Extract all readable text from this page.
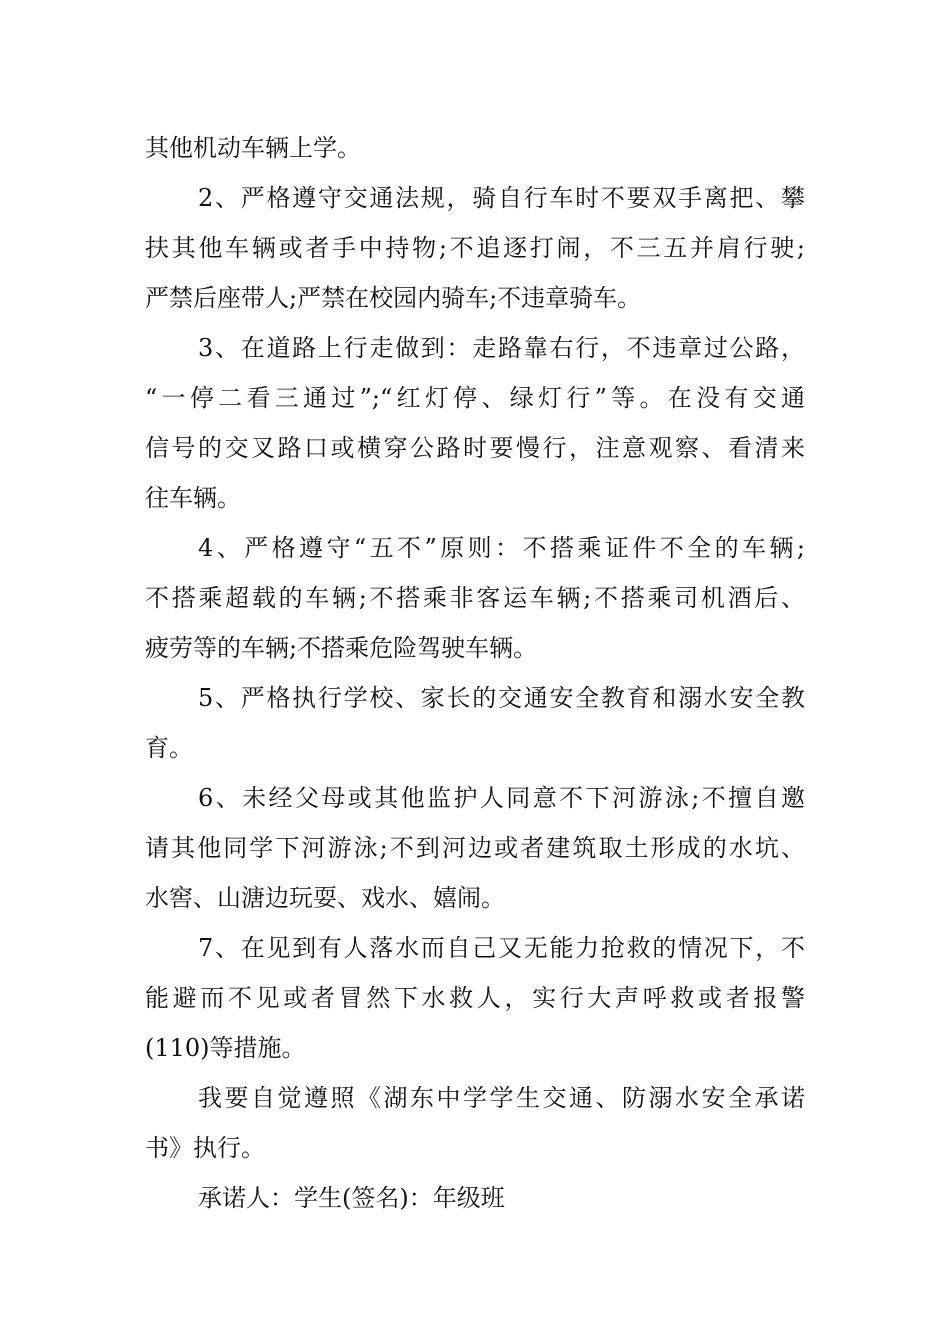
其他机动车辆上学。
2、严格遵守交通法规，骑自行车时不要双手离把、攀
扶其他车辆或者手中持物;不追逐打闹，不三五并肩行驶;
严禁后座带人;严禁在校园内骑车;不违章骑车。
3、在道路上行走做到：走路靠右行，不违章过公路，
“一停二看三通过”;“红灯停、绿灯行”等。在没有交通
信号的交叉路口或横穿公路时要慢行，注意观察、看清来
往车辆。
4、严格遵守“五不”原则：不搭乘证件不全的车辆;
不搭乘超载的车辆;不搭乘非客运车辆;不搭乘司机酒后、
疲劳等的车辆;不搭乘危险驾驶车辆。
5、严格执行学校、家长的交通安全教育和溺水安全教
育。
6、未经父母或其他监护人同意不下河游泳;不擅自邀
请其他同学下河游泳;不到河边或者建筑取土形成的水坑、
水窖、山溏边玩耍、戏水、嬉闹。
7、在见到有人落水而自己又无能力抢救的情况下，不
能避而不见或者冒然下水救人，实行大声呼救或者报警
(110)等措施。
我要自觉遵照《湖东中学学生交通、防溺水安全承诺
书》执行。
承诺人：学生(签名)：年级班
